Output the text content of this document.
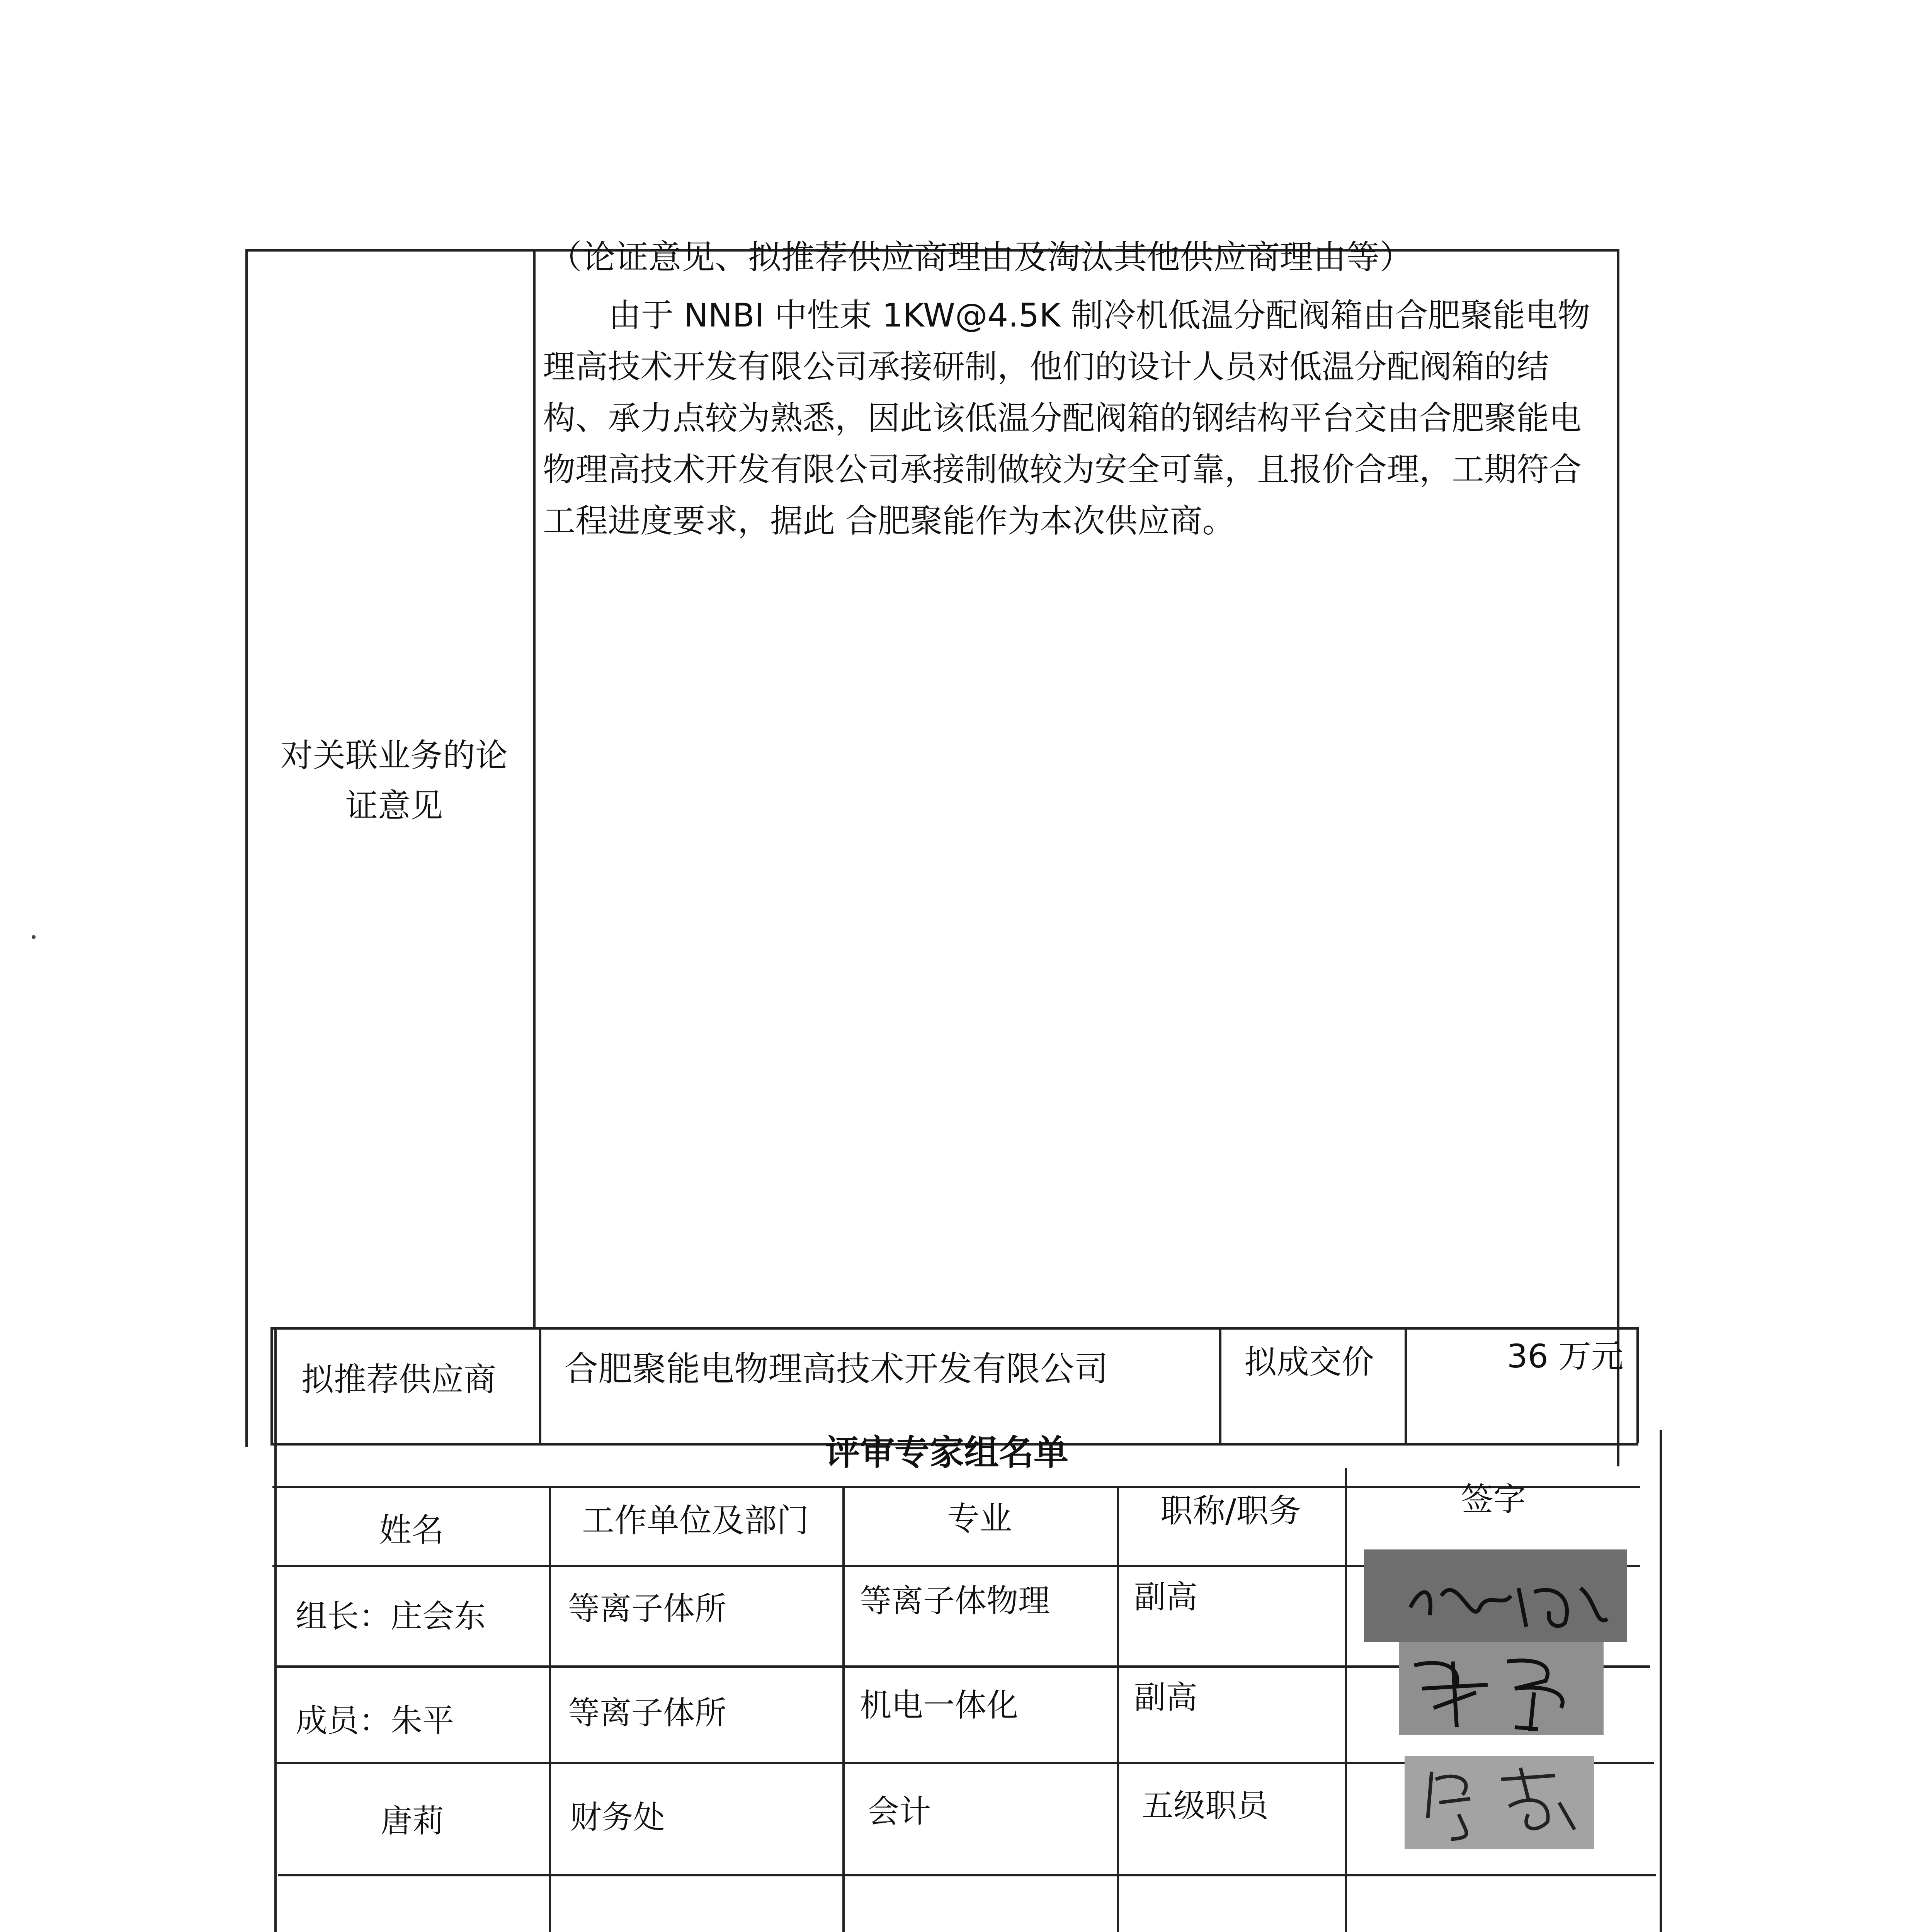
对关联业务的论证意见
（论证意见、拟推荐供应商理由及淘汰其他供应商理由等）
由于 NNBI 中性束 1KW@4.5K 制冷机低温分配阀箱由合肥聚能电物理高技术开发有限公司承接研制，他们的设计人员对低温分配阀箱的结构、承力点较为熟悉，因此该低温分配阀箱的钢结构平台交由合肥聚能电物理高技术开发有限公司承接制做较为安全可靠，且报价合理，工期符合工程进度要求，据此 合肥聚能作为本次供应商。
拟推荐供应商 合肥聚能电物理高技术开发有限公司	拟成交价	36 万元
评审专家组名单
姓名	工作单位及部门	专业	职称/职务	签字
组长：庄会东	等离子体所	等离子体物理	副高
成员：朱平	等离子体所	机电一体化	副高
唐莉	财务处	会计	五级职员
